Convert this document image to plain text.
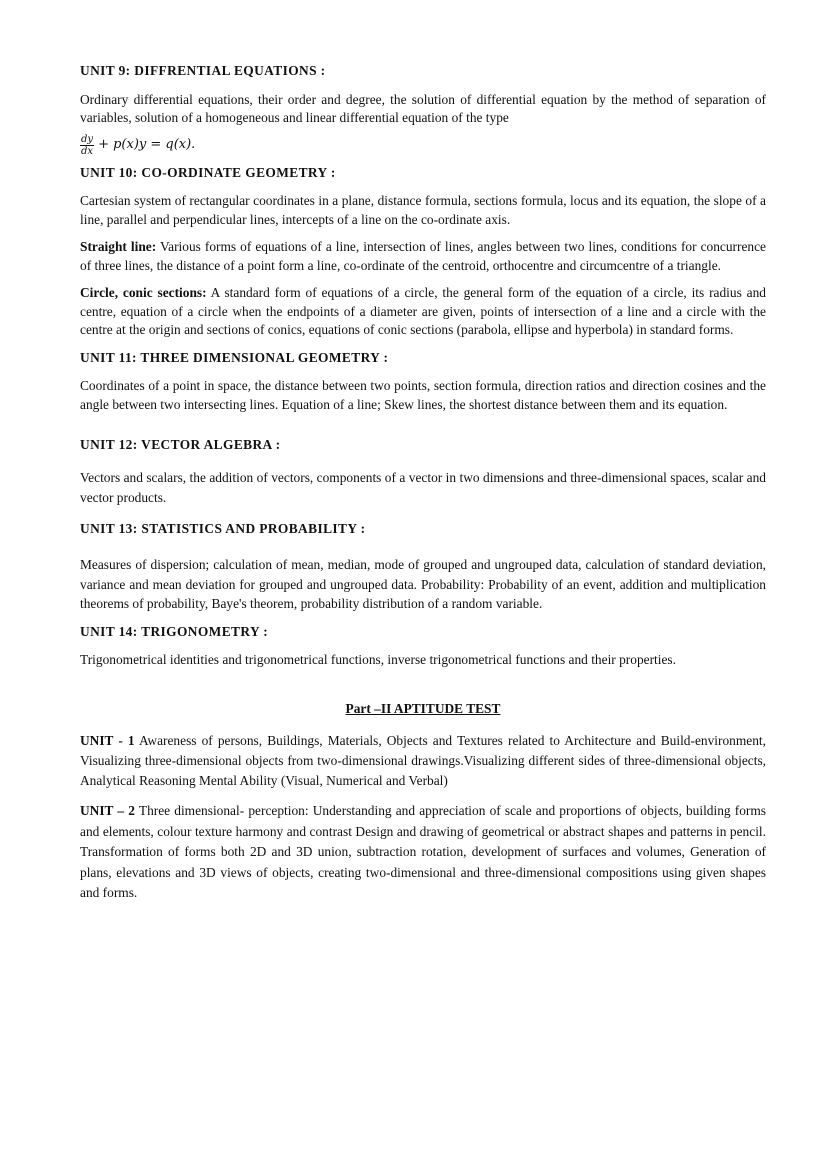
UNIT 9: DIFFRENTIAL EQUATIONS :

Ordinary differential equations, their order and degree, the solution of differential equation by the method of separation of variables, solution of a homogeneous and linear differential equation of the type

$\frac{dy}{dx} + p(x)y = q(x)$.

UNIT 10: CO-ORDINATE GEOMETRY :

Cartesian system of rectangular coordinates in a plane, distance formula, sections formula, locus and its equation, the slope of a line, parallel and perpendicular lines, intercepts of a line on the co-ordinate axis.

Straight line: Various forms of equations of a line, intersection of lines, angles between two lines, conditions for concurrence of three lines, the distance of a point form a line, co-ordinate of the centroid, orthocentre and circumcentre of a triangle.

Circle, conic sections: A standard form of equations of a circle, the general form of the equation of a circle, its radius and centre, equation of a circle when the endpoints of a diameter are given, points of intersection of a line and a circle with the centre at the origin and sections of conics, equations of conic sections (parabola, ellipse and hyperbola) in standard forms.

UNIT 11: THREE DIMENSIONAL GEOMETRY :

Coordinates of a point in space, the distance between two points, section formula, direction ratios and direction cosines and the angle between two intersecting lines. Equation of a line; Skew lines, the shortest distance between them and its equation.

UNIT 12: VECTOR ALGEBRA :

Vectors and scalars, the addition of vectors, components of a vector in two dimensions and three-dimensional spaces, scalar and vector products.

UNIT 13: STATISTICS AND PROBABILITY :

Measures of dispersion; calculation of mean, median, mode of grouped and ungrouped data, calculation of standard deviation, variance and mean deviation for grouped and ungrouped data. Probability: Probability of an event, addition and multiplication theorems of probability, Baye's theorem, probability distribution of a random variable.

UNIT 14: TRIGONOMETRY :

Trigonometrical identities and trigonometrical functions, inverse trigonometrical functions and their properties.

Part –II APTITUDE TEST

UNIT - 1 Awareness of persons, Buildings, Materials, Objects and Textures related to Architecture and Build-environment, Visualizing three-dimensional objects from two-dimensional drawings.Visualizing different sides of three-dimensional objects, Analytical Reasoning Mental Ability (Visual, Numerical and Verbal)

UNIT – 2 Three dimensional- perception: Understanding and appreciation of scale and proportions of objects, building forms and elements, colour texture harmony and contrast Design and drawing of geometrical or abstract shapes and patterns in pencil. Transformation of forms both 2D and 3D union, subtraction rotation, development of surfaces and volumes, Generation of plans, elevations and 3D views of objects, creating two-dimensional and three-dimensional compositions using given shapes and forms.
